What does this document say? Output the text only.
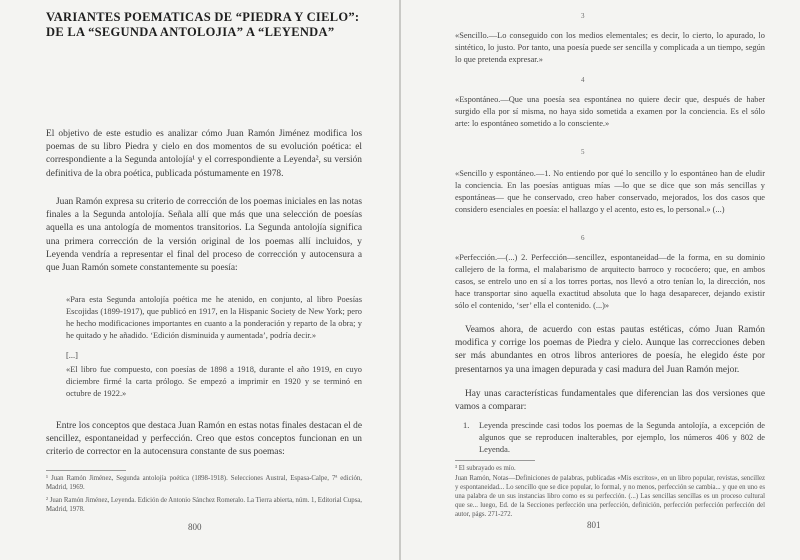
VARIANTES POEMATICAS DE “PIEDRA Y CIELO”: DE LA “SEGUNDA ANTOLOJIA” A “LEYENDA”

El objetivo de este estudio es analizar cómo Juan Ramón Jiménez modifica los poemas de su libro Piedra y cielo en dos momentos de su evolución poética: el correspondiente a la Segunda antolojía¹ y el correspondiente a Leyenda², su versión definitiva de la obra poética, publicada póstumamente en 1978.

Juan Ramón expresa su criterio de corrección de los poemas iniciales en las notas finales a la Segunda antolojía. Señala allí que más que una selección de poesías aquella es una antología de momentos transitorios. La Segunda antolojía significa una primera corrección de la versión original de los poemas allí incluidos, y Leyenda vendría a representar el final del proceso de corrección y autocensura a que Juan Ramón somete constantemente su poesía:

«Para esta Segunda antolojía poética me he atenido, en conjunto, al libro Poesías Escojidas (1899-1917), que publicó en 1917, en la Hispanic Society de New York; pero he hecho modificaciones importantes en cuanto a la ponderación y reparto de la obra; y he quitado y he añadido. ‘Edición disminuida y aumentada’, podría decir.»

[...]

«El libro fue compuesto, con poesías de 1898 a 1918, durante el año 1919, en cuyo diciembre firmé la carta prólogo. Se empezó a imprimir en 1920 y se terminó en octubre de 1922.»

Entre los conceptos que destaca Juan Ramón en estas notas finales destacan el de sencillez, espontaneidad y perfección. Creo que estos conceptos funcionan en un criterio de corrector en la autocensura constante de sus poemas:

¹ Juan Ramón Jiménez, Segunda antolojía poética (1898-1918). Selecciones Austral, Espasa-Calpe, 7ª edición, Madrid, 1969.

² Juan Ramón Jiménez, Leyenda. Edición de Antonio Sánchez Romeralo. La Tierra abierta, núm. 1, Editorial Cupsa, Madrid, 1978.

800
3

«Sencillo.—Lo conseguido con los medios elementales; es decir, lo cierto, lo apurado, lo sintético, lo justo. Por tanto, una poesía puede ser sencilla y complicada a un tiempo, según lo que pretenda expresar.»

4

«Espontáneo.—Que una poesía sea espontánea no quiere decir que, después de haber surgido ella por sí misma, no haya sido sometida a examen por la conciencia. Es el sólo arte: lo espontáneo sometido a lo consciente.»

5

«Sencillo y espontáneo.—1. No entiendo por qué lo sencillo y lo espontáneo han de eludir la conciencia. En las poesías antiguas mías —lo que se dice que son más sencillas y espontáneas— que he conservado, creo haber conservado, mejorados, los dos casos que considero esenciales en poesía: el hallazgo y el acento, esto es, lo personal.» (...)

6

«Perfección.—(...) 2. Perfección—sencillez, espontaneidad—de la forma, en su dominio callejero de la forma, el malabarismo de arquitecto barroco y rococóero; que, en ambos casos, se entrelo uno en sí a los torres portas, nos llevó a otro tenían lo, la dirección, nos hace transportar sino aquella exactitud absoluta que lo haga desaparecer, dejando existir sólo el contenido, ‘ser’ ella el contenido. (...)»

Veamos ahora, de acuerdo con estas pautas estéticas, cómo Juan Ramón modifica y corrige los poemas de Piedra y cielo. Aunque las correcciones deben ser más abundantes en otros libros anteriores de poesía, he elegido éste por presentarnos ya una imagen depurada y casi madura del Juan Ramón mejor.

Hay unas características fundamentales que diferencian las dos versiones que vamos a comparar:

1. Leyenda prescinde casi todos los poemas de la Segunda antolojía, a excepción de algunos que se reproducen inalterables, por ejemplo, los números 406 y 802 de Leyenda.

³ El subrayado es mío.

Juan Ramón, Notas—Definiciones de palabras, publicadas «Mis escritos», en un libro popular, revistas, sencillez y espontaneidad... Lo sencillo que se dice popular, lo formal, y no menos, perfección se cambia... y que en uno es una palabra de un sus instancias libro como es su perfección. (...) Las sencillas sencillas es un proceso cultural que se... luego, Ed. de la Secciones perfección una perfección, definición, perfección perfección perfección del autor, págs. 271-272.

801
